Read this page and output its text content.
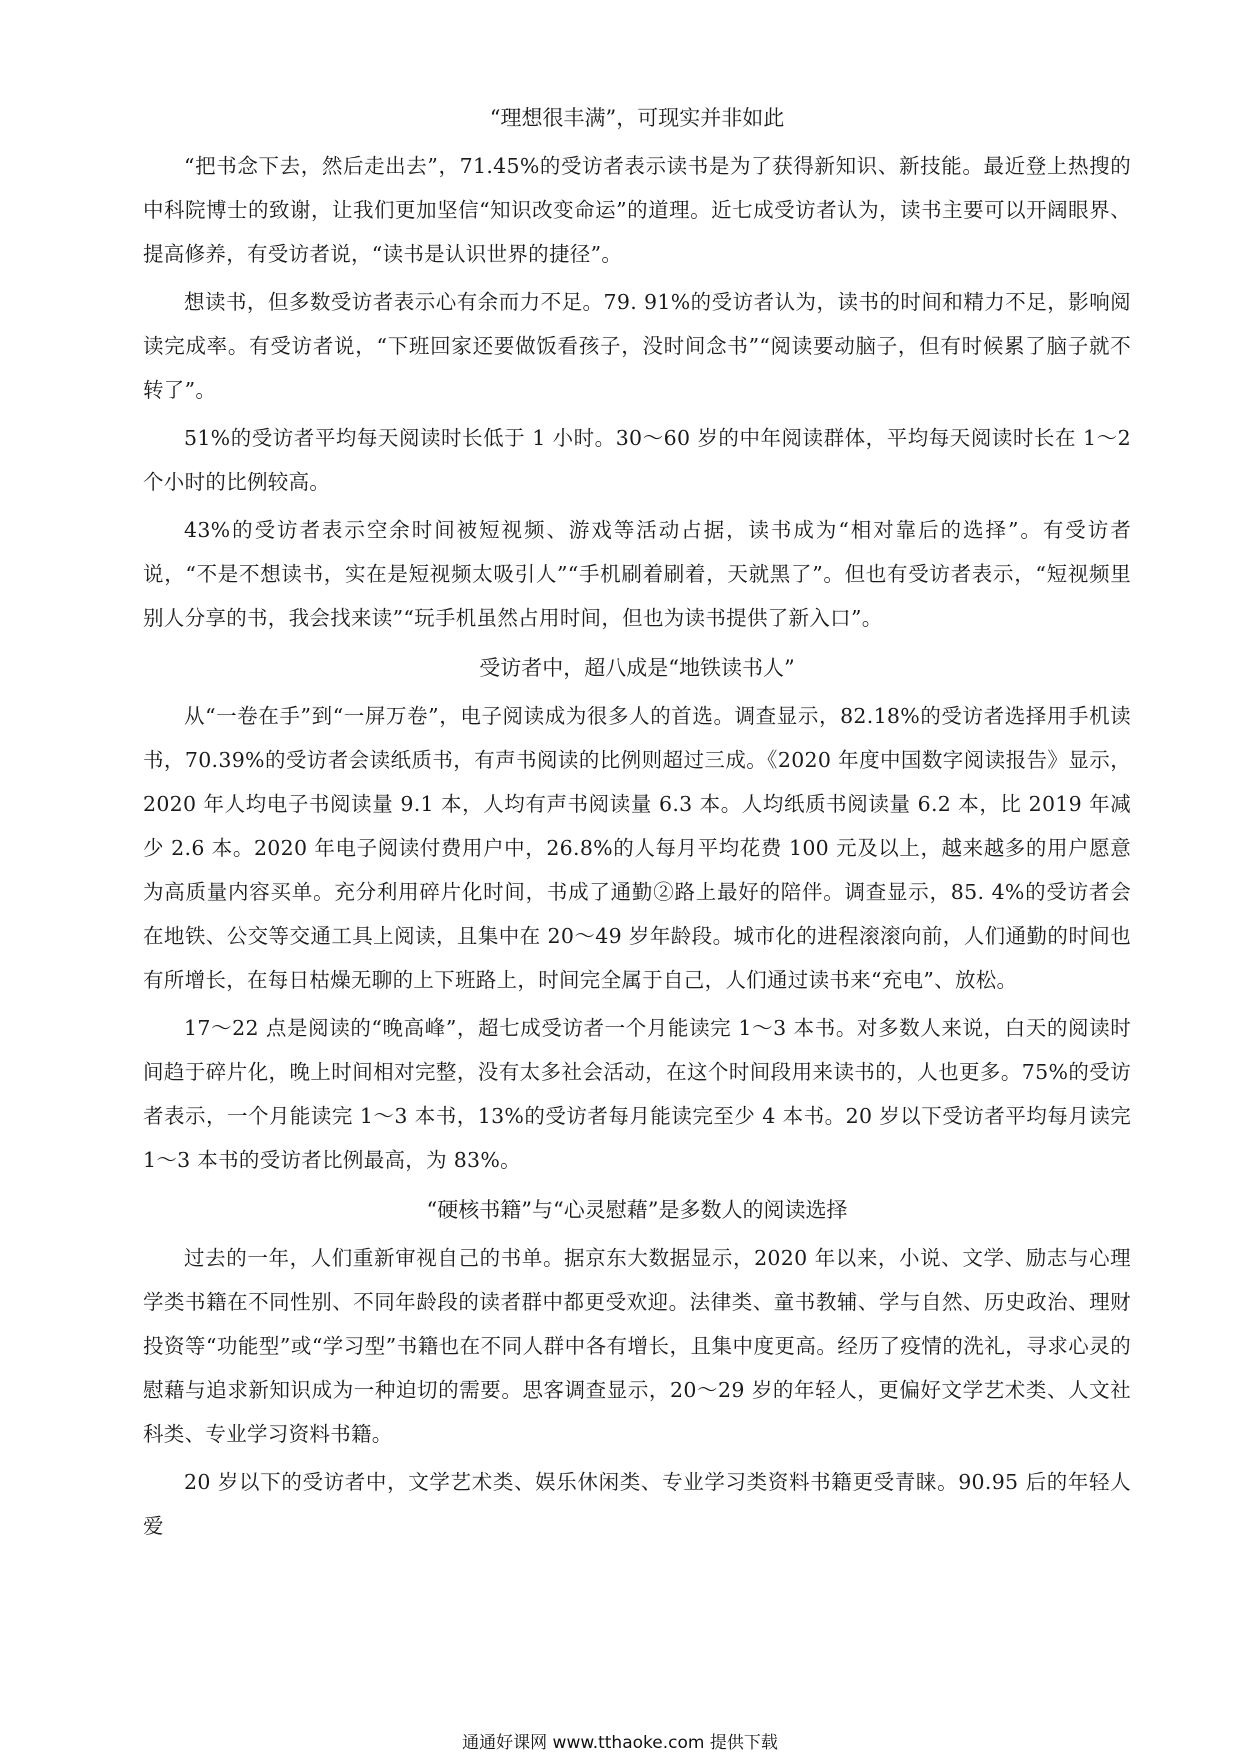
“理想很丰满”，可现实并非如此

“把书念下去，然后走出去”，71.45%的受访者表示读书是为了获得新知识、新技能。最近登上热搜的中科院博士的致谢，让我们更加坚信“知识改变命运”的道理。近七成受访者认为，读书主要可以开阔眼界、提高修养，有受访者说，“读书是认识世界的捷径”。

想读书，但多数受访者表示心有余而力不足。79. 91%的受访者认为，读书的时间和精力不足，影响阅读完成率。有受访者说，“下班回家还要做饭看孩子，没时间念书”“阅读要动脑子，但有时候累了脑子就不转了”。

51%的受访者平均每天阅读时长低于 1 小时。30～60 岁的中年阅读群体，平均每天阅读时长在 1～2 个小时的比例较高。

43%的受访者表示空余时间被短视频、游戏等活动占据，读书成为“相对靠后的选择”。有受访者说，“不是不想读书，实在是短视频太吸引人”“手机刷着刷着，天就黑了”。但也有受访者表示，“短视频里别人分享的书，我会找来读”“玩手机虽然占用时间，但也为读书提供了新入口”。

受访者中，超八成是“地铁读书人”

从“一卷在手”到“一屏万卷”，电子阅读成为很多人的首选。调查显示，82.18%的受访者选择用手机读书，70.39%的受访者会读纸质书，有声书阅读的比例则超过三成。《2020 年度中国数字阅读报告》显示，2020 年人均电子书阅读量 9.1 本，人均有声书阅读量 6.3 本。人均纸质书阅读量 6.2 本，比 2019 年减少 2.6 本。2020 年电子阅读付费用户中，26.8%的人每月平均花费 100 元及以上，越来越多的用户愿意为高质量内容买单。充分利用碎片化时间，书成了通勤②路上最好的陪伴。调查显示，85. 4%的受访者会在地铁、公交等交通工具上阅读，且集中在 20～49 岁年龄段。城市化的进程滚滚向前，人们通勤的时间也有所增长，在每日枯燥无聊的上下班路上，时间完全属于自己，人们通过读书来“充电”、放松。

17～22 点是阅读的“晚高峰”，超七成受访者一个月能读完 1～3 本书。对多数人来说，白天的阅读时间趋于碎片化，晚上时间相对完整，没有太多社会活动，在这个时间段用来读书的，人也更多。75%的受访者表示，一个月能读完 1～3 本书，13%的受访者每月能读完至少 4 本书。20 岁以下受访者平均每月读完 1～3 本书的受访者比例最高，为 83%。

“硬核书籍”与“心灵慰藉”是多数人的阅读选择

过去的一年，人们重新审视自己的书单。据京东大数据显示，2020 年以来，小说、文学、励志与心理学类书籍在不同性别、不同年龄段的读者群中都更受欢迎。法律类、童书教辅、学与自然、历史政治、理财投资等“功能型”或“学习型”书籍也在不同人群中各有增长，且集中度更高。经历了疫情的洗礼，寻求心灵的慰藉与追求新知识成为一种迫切的需要。思客调查显示，20～29 岁的年轻人，更偏好文学艺术类、人文社科类、专业学习资料书籍。

20 岁以下的受访者中，文学艺术类、娱乐休闲类、专业学习类资料书籍更受青睐。90.95 后的年轻人爱

通通好课网 www.tthaoke.com 提供下载
